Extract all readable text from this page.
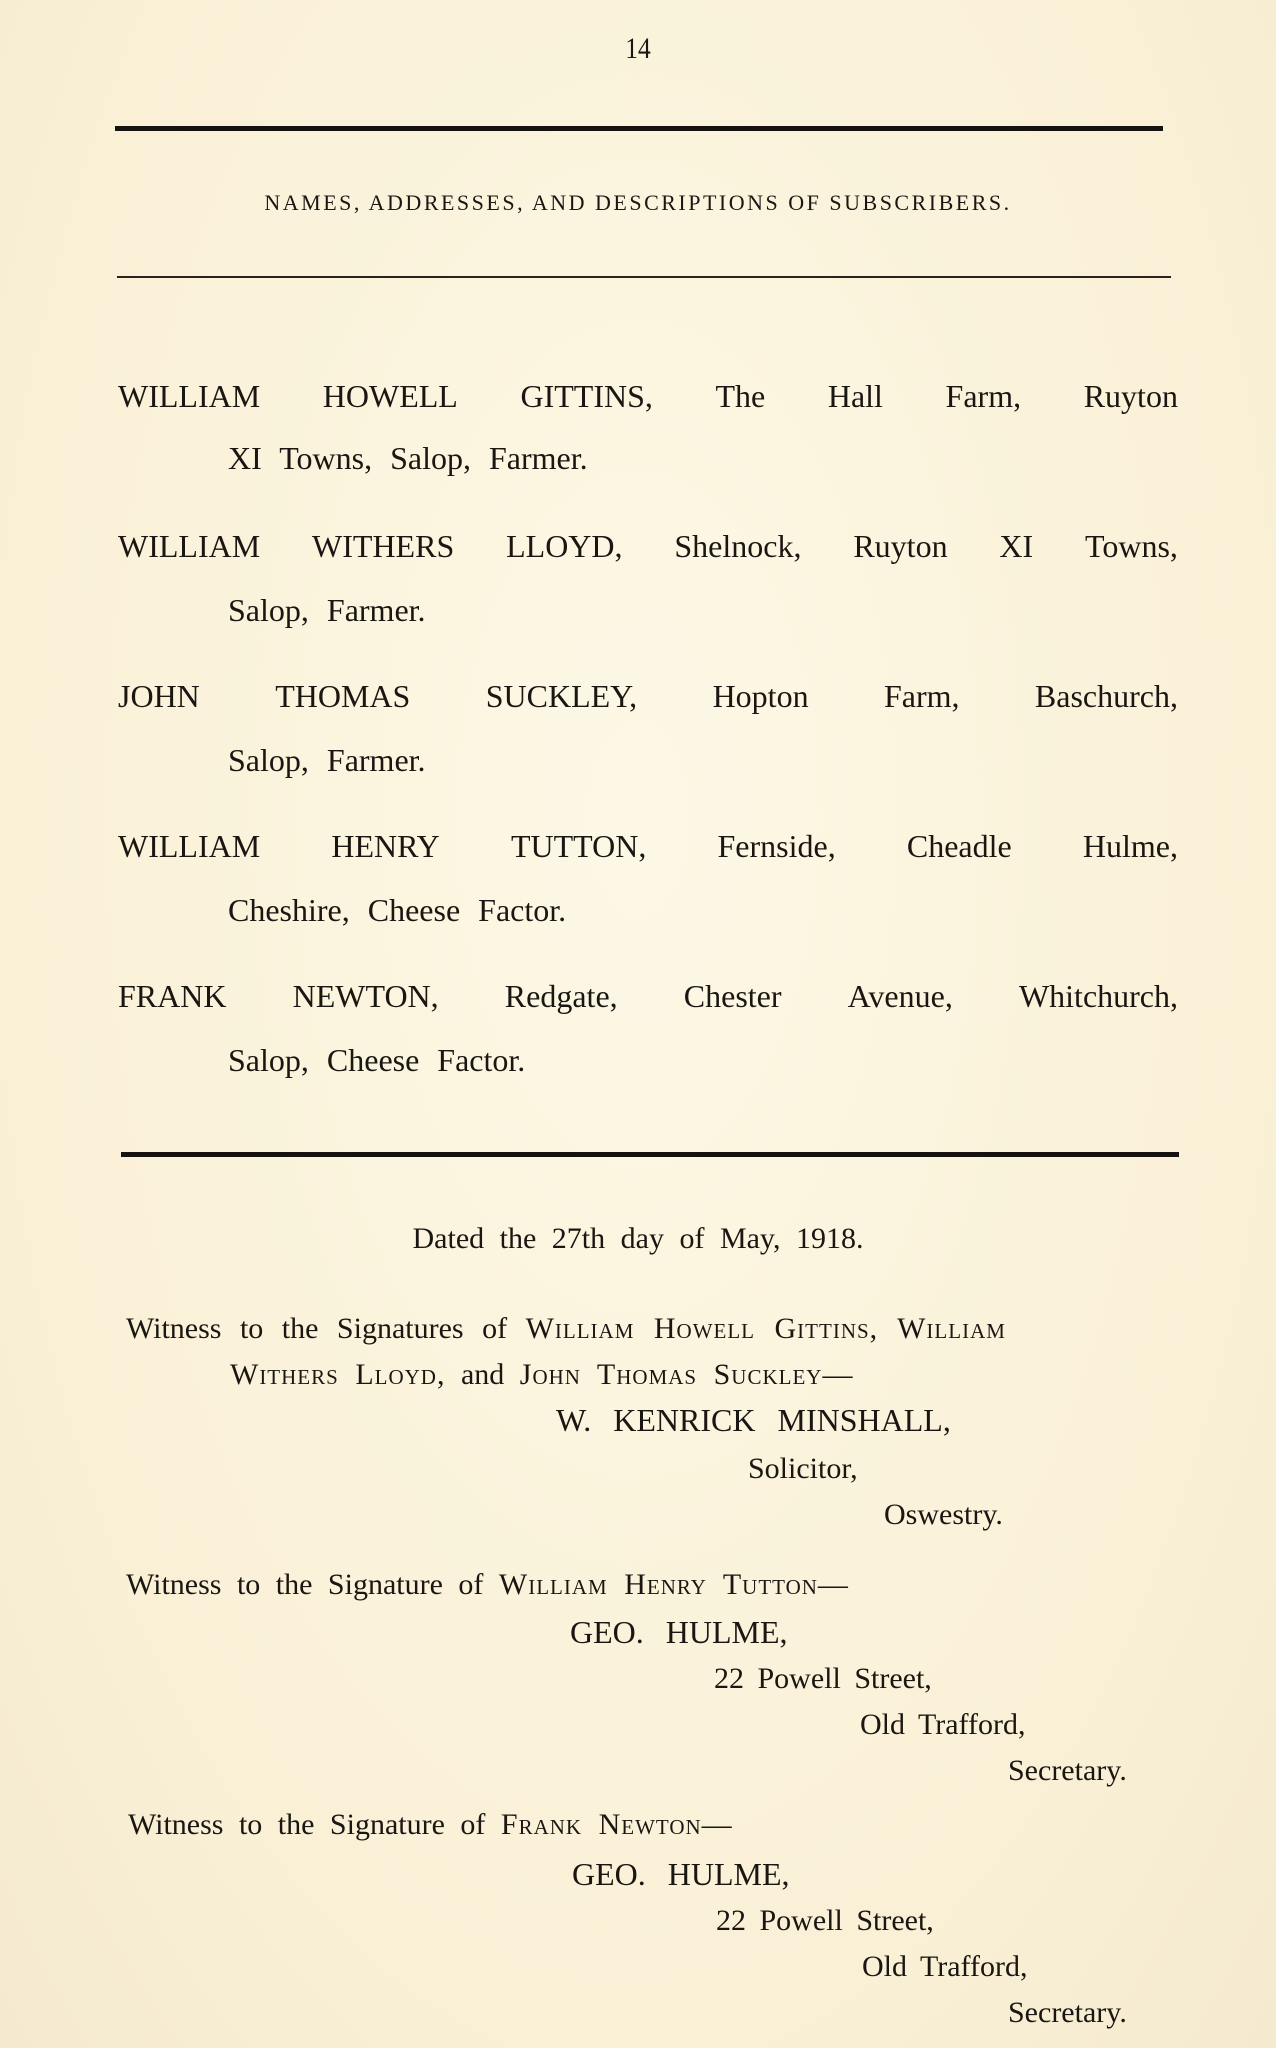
14
NAMES, ADDRESSES, AND DESCRIPTIONS OF SUBSCRIBERS.
WILLIAM HOWELL GITTINS, The Hall Farm, Ruyton
XI Towns, Salop, Farmer.
WILLIAM WITHERS LLOYD, Shelnock, Ruyton XI Towns,
Salop, Farmer.
JOHN THOMAS SUCKLEY, Hopton Farm, Baschurch,
Salop, Farmer.
WILLIAM HENRY TUTTON, Fernside, Cheadle Hulme,
Cheshire, Cheese Factor.
FRANK NEWTON, Redgate, Chester Avenue, Whitchurch,
Salop, Cheese Factor.
Dated the 27th day of May, 1918.
Witness to the Signatures of William Howell Gittins, William
Withers Lloyd, and John Thomas Suckley—
W. KENRICK MINSHALL,
Solicitor,
Oswestry.
Witness to the Signature of William Henry Tutton—
GEO. HULME,
22 Powell Street,
Old Trafford,
Secretary.
Witness to the Signature of Frank Newton—
GEO. HULME,
22 Powell Street,
Old Trafford,
Secretary.
